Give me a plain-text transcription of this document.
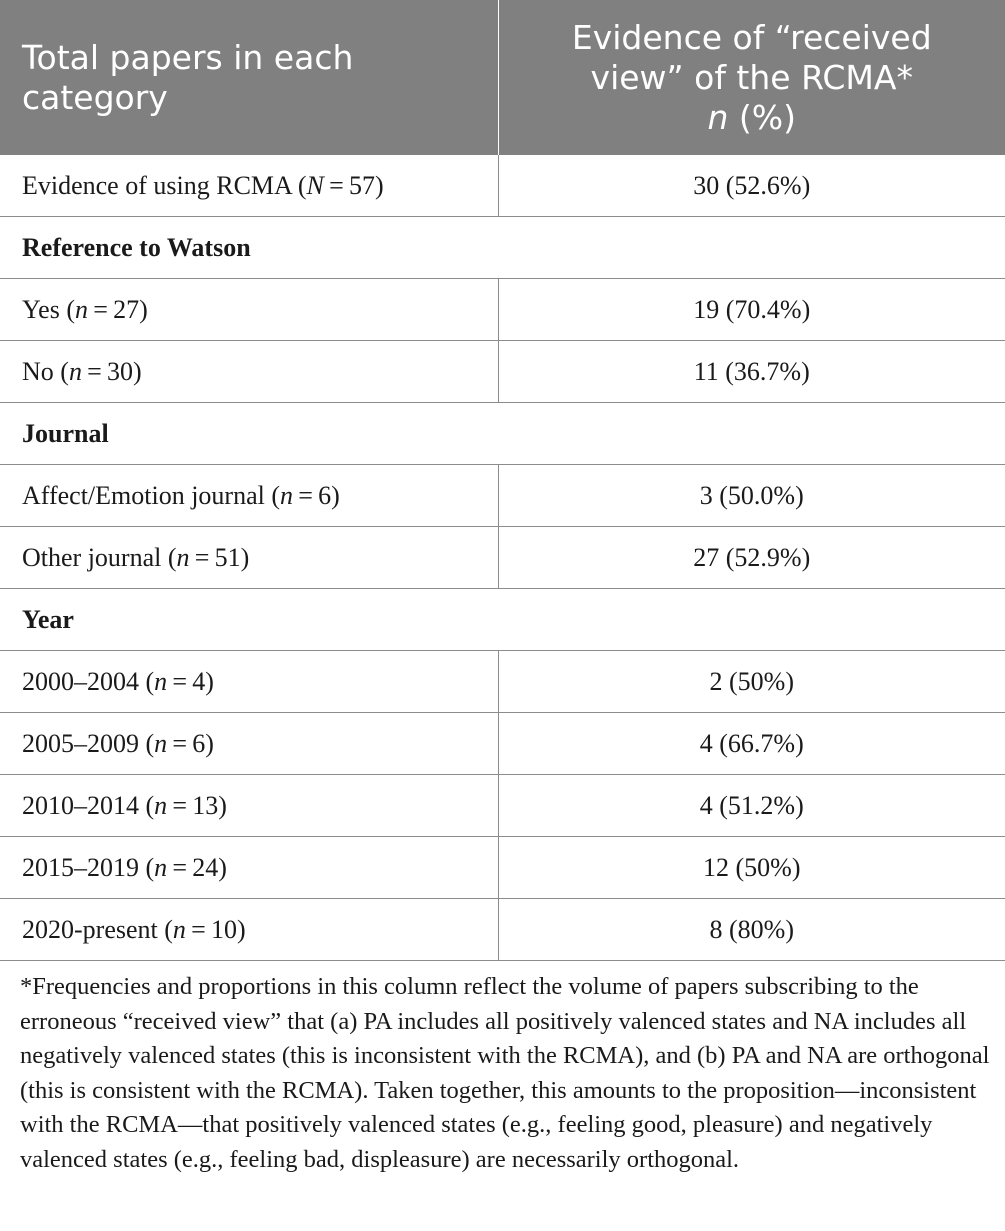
Total papers in each category	Evidence of “received view” of the RCMA*
n (%)

Evidence of using RCMA (N = 57)	30 (52.6%)
Reference to Watson	
Yes (n = 27)	19 (70.4%)
No (n = 30)	11 (36.7%)
Journal	
Affect/Emotion journal (n = 6)	3 (50.0%)
Other journal (n = 51)	27 (52.9%)
Year	
2000–2004 (n = 4)	2 (50%)
2005–2009 (n = 6)	4 (66.7%)
2010–2014 (n = 13)	4 (51.2%)
2015–2019 (n = 24)	12 (50%)
2020-present (n = 10)	8 (80%)

*Frequencies and proportions in this column reflect the volume of papers subscribing to the erroneous “received view” that (a) PA includes all positively valenced states and NA includes all negatively valenced states (this is inconsistent with the RCMA), and (b) PA and NA are orthogonal (this is consistent with the RCMA). Taken together, this amounts to the proposition—inconsistent with the RCMA—that positively valenced states (e.g., feeling good, pleasure) and negatively valenced states (e.g., feeling bad, displeasure) are necessarily orthogonal.
